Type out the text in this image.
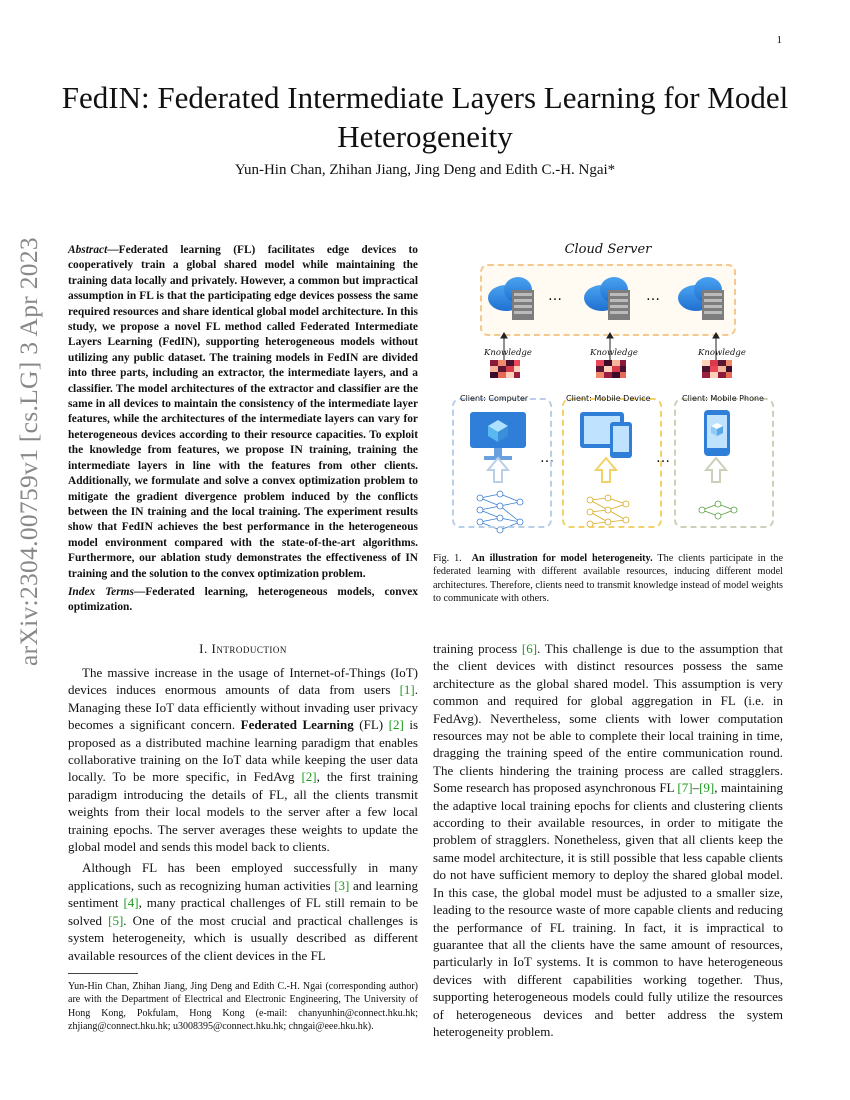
1
arXiv:2304.00759v1 [cs.LG] 3 Apr 2023
FedIN: Federated Intermediate Layers Learning for Model Heterogeneity
Yun-Hin Chan, Zhihan Jiang, Jing Deng and Edith C.-H. Ngai*
Abstract—Federated learning (FL) facilitates edge devices to cooperatively train a global shared model while maintaining the training data locally and privately. However, a common but impractical assumption in FL is that the participating edge devices possess the same required resources and share identical global model architecture. In this study, we propose a novel FL method called Federated Intermediate Layers Learning (FedIN), supporting heterogeneous models without utilizing any public dataset. The training models in FedIN are divided into three parts, including an extractor, the intermediate layers, and a classifier. The model architectures of the extractor and classifier are the same in all devices to maintain the consistency of the intermediate layer features, while the architectures of the intermediate layers can vary for heterogeneous devices according to their resource capacities. To exploit the knowledge from features, we propose IN training, training the intermediate layers in line with the features from other clients. Additionally, we formulate and solve a convex optimization problem to mitigate the gradient divergence problem induced by the conflicts between the IN training and the local training. The experiment results show that FedIN achieves the best performance in the heterogeneous model environment compared with the state-of-the-art algorithms. Furthermore, our ablation study demonstrates the effectiveness of IN training and the solution to the convex optimization problem.
Index Terms—Federated learning, heterogeneous models, convex optimization.
I. Introduction

The massive increase in the usage of Internet-of-Things (IoT) devices induces enormous amounts of data from users [1]. Managing these IoT data efficiently without invading user privacy becomes a significant concern. Federated Learning (FL) [2] is proposed as a distributed machine learning paradigm that enables collaborative training on the IoT data while keeping the user data locally. To be more specific, in FedAvg [2], the first training paradigm introducing the details of FL, all the clients transmit weights from their local models to the server after a few local training epochs. The server averages these weights to update the global model and sends this model back to clients.

Although FL has been employed successfully in many applications, such as recognizing human activities [3] and learning sentiment [4], many practical challenges of FL still remain to be solved [5]. One of the most crucial and practical challenges is system heterogeneity, which is usually described as different available resources of the client devices in the FL

Yun-Hin Chan, Zhihan Jiang, Jing Deng and Edith C.-H. Ngai (corresponding author) are with the Department of Electrical and Electronic Engineering, The University of Hong Kong, Pokfulam, Hong Kong (e-mail: chanyunhin@connect.hku.hk; zhjiang@connect.hku.hk; u3008395@connect.hku.hk; chngai@eee.hku.hk).

training process [6]. This challenge is due to the assumption that the client devices with distinct resources possess the same architecture as the global shared model. This assumption is very common and required for global aggregation in FL (i.e. in FedAvg). Nevertheless, some clients with lower computation resources may not be able to complete their local training in time, dragging the training speed of the entire communication round. The clients hindering the training process are called stragglers. Some research has proposed asynchronous FL [7]–[9], maintaining the adaptive local training epochs for clients and clustering clients according to their available resources, in order to mitigate the problem of stragglers. Nonetheless, given that all clients keep the same model architecture, it is still possible that less capable clients do not have sufficient memory to deploy the shared global model. In this case, the global model must be adjusted to a smaller size, leading to the resource waste of more capable clients and reducing the performance of FL training. In fact, it is impractical to guarantee that all the clients have the same amount of resources, particularly in IoT systems. It is common to have heterogeneous devices with different capabilities working together. Thus, supporting heterogeneous models could fully utilize the resources of heterogeneous devices and better address the system heterogeneity problem.

Cloud Server
Knowledge	Knowledge	Knowledge
…	…
…	…
Client: Computer	Client: Mobile Device	Client: Mobile Phone
Fig. 1. An illustration for model heterogeneity. The clients participate in the federated learning with different available resources, inducing different model architectures. Therefore, clients need to transmit knowledge instead of model weights to communicate with others.
